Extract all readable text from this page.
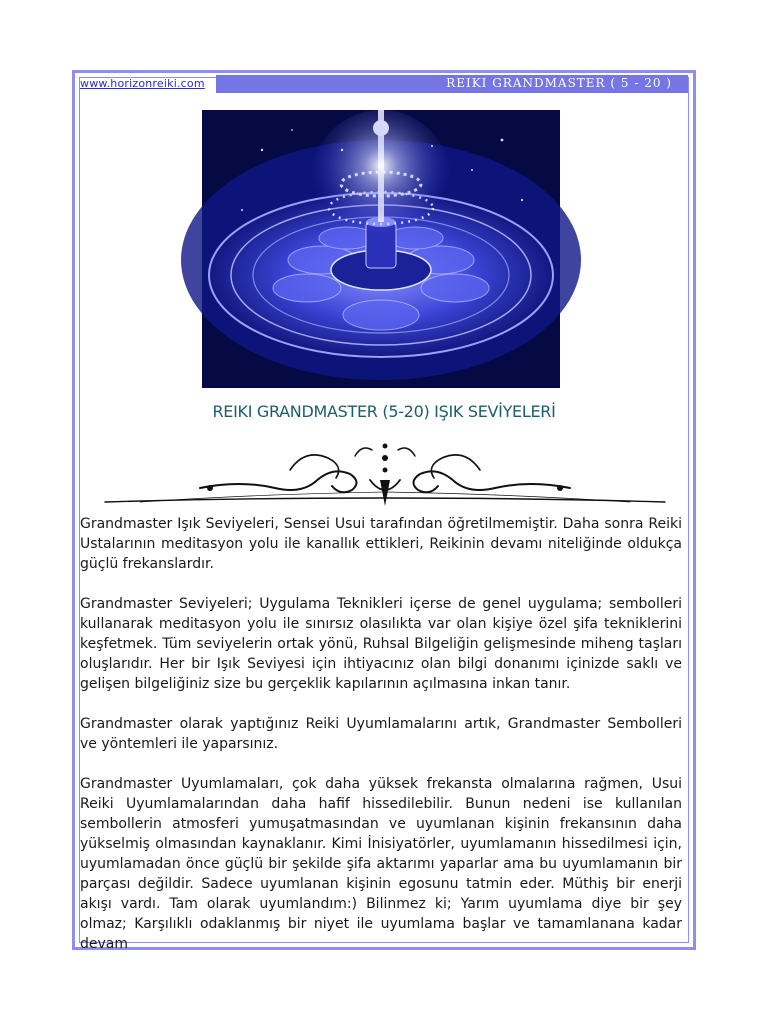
www.horizonreiki.com	REIKI GRANDMASTER ( 5 - 20 )
REIKI GRANDMASTER (5-20) IŞIK SEVİYELERİ

Grandmaster Işık Seviyeleri, Sensei Usui tarafından öğretilmemiştir. Daha sonra Reiki Ustalarının meditasyon yolu ile kanallık ettikleri, Reikinin devamı niteliğinde oldukça güçlü frekanslardır.

Grandmaster Seviyeleri; Uygulama Teknikleri içerse de genel uygulama; sembolleri kullanarak meditasyon yolu ile sınırsız olasılıkta var olan kişiye özel şifa tekniklerini keşfetmek. Tüm seviyelerin ortak yönü, Ruhsal Bilgeliğin gelişmesinde miheng taşları oluşlarıdır. Her bir Işık Seviyesi için ihtiyacınız olan bilgi donanımı içinizde saklı ve gelişen bilgeliğiniz size bu gerçeklik kapılarının açılmasına inkan tanır.

Grandmaster olarak yaptığınız Reiki Uyumlamalarını artık, Grandmaster Sembolleri ve yöntemleri ile yaparsınız.

Grandmaster Uyumlamaları, çok daha yüksek frekansta olmalarına rağmen, Usui Reiki Uyumlamalarından daha hafif hissedilebilir. Bunun nedeni ise kullanılan sembollerin atmosferi yumuşatmasından ve uyumlanan kişinin frekansının daha yükselmiş olmasından kaynaklanır. Kimi İnisiyatörler, uyumlamanın hissedilmesi için, uyumlamadan önce güçlü bir şekilde şifa aktarımı yaparlar ama bu uyumlamanın bir parçası değildir. Sadece uyumlanan kişinin egosunu tatmin eder. Müthiş bir enerji akışı vardı. Tam olarak uyumlandım:) Bilinmez ki; Yarım uyumlama diye bir şey olmaz; Karşılıklı odaklanmış bir niyet ile uyumlama başlar ve tamamlanana kadar devam
